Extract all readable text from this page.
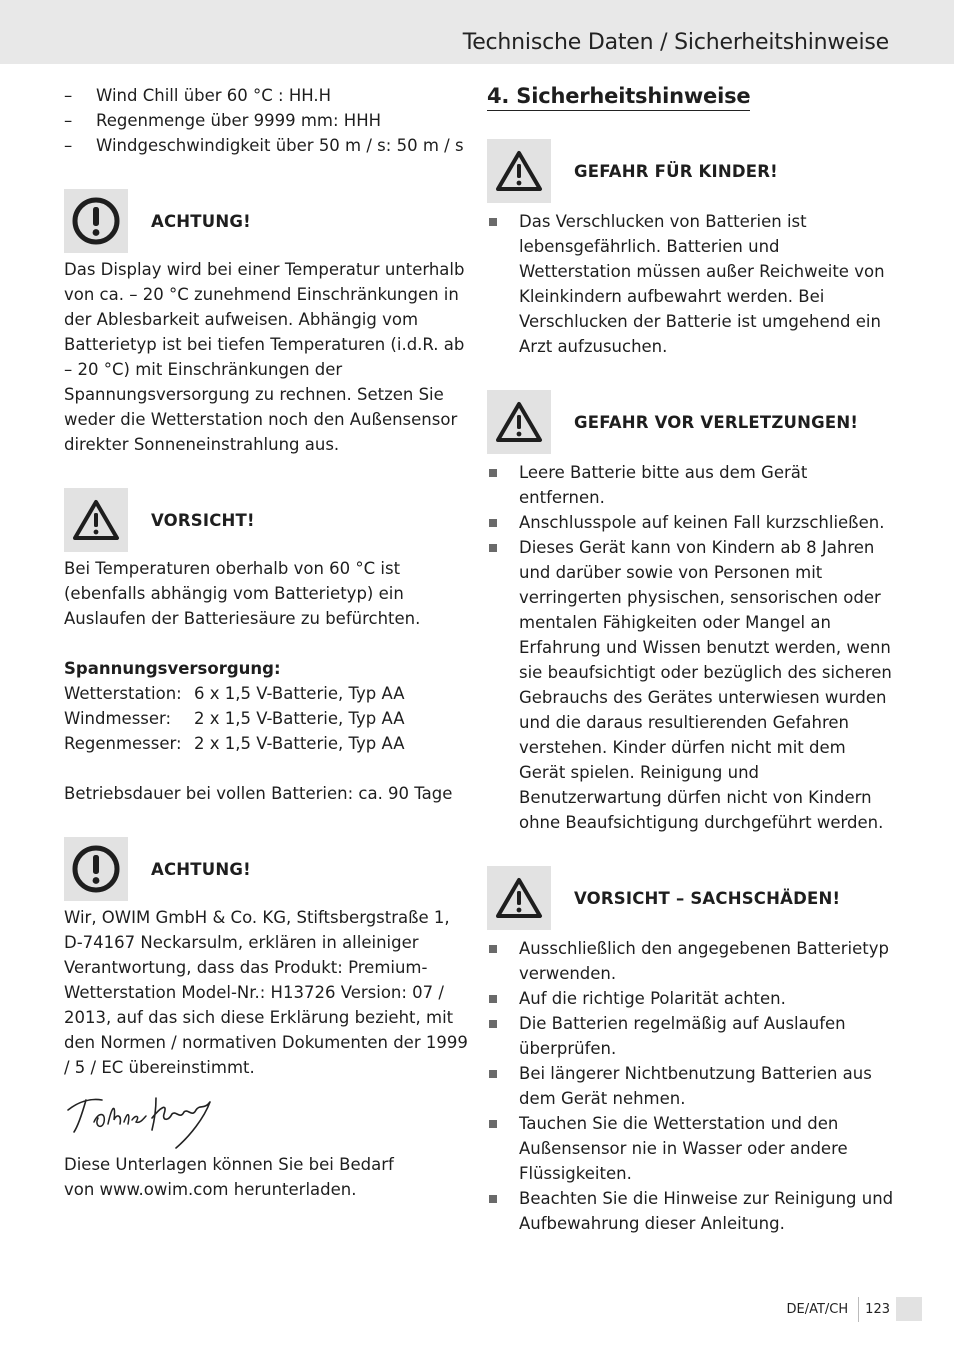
Technische Daten / Sicherheitshinweise
– Wind Chill über 60 °C : HH.H
– Regenmenge über 9999 mm: HHH
– Windgeschwindigkeit über 50 m / s: 50 m / s
ACHTUNG!

Das Display wird bei einer Temperatur unterhalb von ca. – 20 °C zunehmend Einschränkungen in der Ablesbarkeit aufweisen. Abhängig vom Batterietyp ist bei tiefen Temperaturen (i.d.R. ab – 20 °C) mit Einschränkungen der Spannungsversorgung zu rechnen. Setzen Sie weder die Wetterstation noch den Außensensor direkter Sonneneinstrahlung aus.

VORSICHT!

Bei Temperaturen oberhalb von 60 °C ist (ebenfalls abhängig vom Batterietyp) ein Auslaufen der Batteriesäure zu befürchten.

Spannungsversorgung:
Wetterstation: 6 x 1,5 V-Batterie, Typ AA
Windmesser:	2 x 1,5 V-Batterie, Typ AA
Regenmesser: 2 x 1,5 V-Batterie, Typ AA

Betriebsdauer bei vollen Batterien: ca. 90 Tage

ACHTUNG!

Wir, OWIM GmbH & Co. KG, Stiftsbergstraße 1, D-74167 Neckarsulm, erklären in alleiniger Verantwortung, dass das Produkt: Premium-Wetterstation Model-Nr.: H13726 Version: 07 / 2013, auf das sich diese Erklärung bezieht, mit den Normen / normativen Dokumenten der 1999 / 5 / EC übereinstimmt.

Diese Unterlagen können Sie bei Bedarf von www.owim.com herunterladen.

4. Sicherheitshinweise
GEFAHR FÜR KINDER!
Das Verschlucken von Batterien ist lebensgefährlich. Batterien und Wetterstation müssen außer Reichweite von Kleinkindern aufbewahrt werden. Bei Verschlucken der Batterie ist umgehend ein Arzt aufzusuchen.
GEFAHR VOR VERLETZUNGEN!
Leere Batterie bitte aus dem Gerät entfernen.
Anschlusspole auf keinen Fall kurzschließen.
Dieses Gerät kann von Kindern ab 8 Jahren und darüber sowie von Personen mit verringerten physischen, sensorischen oder mentalen Fähigkeiten oder Mangel an Erfahrung und Wissen benutzt werden, wenn sie beaufsichtigt oder bezüglich des sicheren Gebrauchs des Gerätes unterwiesen wurden und die daraus resultierenden Gefahren verstehen. Kinder dürfen nicht mit dem Gerät spielen. Reinigung und Benutzerwartung dürfen nicht von Kindern ohne Beaufsichtigung durchgeführt werden.
VORSICHT – SACHSCHÄDEN!
Ausschließlich den angegebenen Batterietyp verwenden.
Auf die richtige Polarität achten.
Die Batterien regelmäßig auf Auslaufen überprüfen.
Bei längerer Nichtbenutzung Batterien aus dem Gerät nehmen.
Tauchen Sie die Wetterstation und den Außensensor nie in Wasser oder andere Flüssigkeiten.
Beachten Sie die Hinweise zur Reinigung und Aufbewahrung dieser Anleitung.
DE/AT/CH	123
